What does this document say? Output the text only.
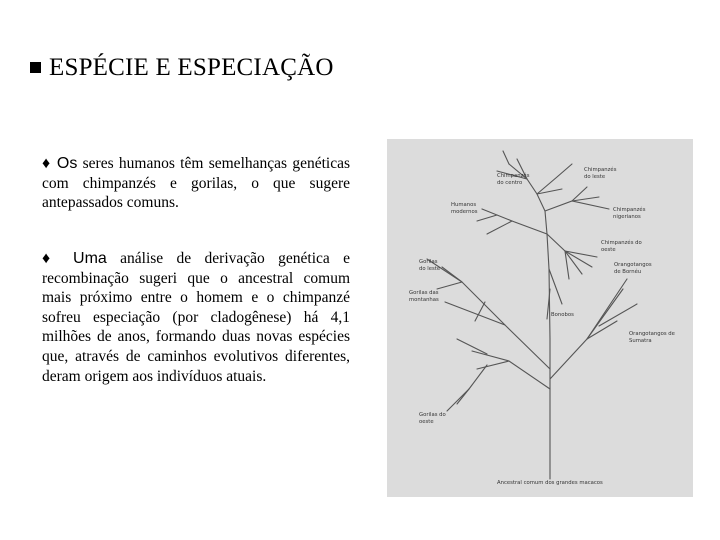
ESPÉCIE E ESPECIAÇÃO
♦ Os seres humanos têm semelhanças genéticas com chimpanzés e gorilas, o que sugere antepassados comuns.
♦ Uma análise de derivação genética e recombinação sugeri que o ancestral comum mais próximo entre o homem e o chimpanzé sofreu especiação (por cladogênese) há 4,1 milhões de anos, formando duas novas espécies que, através de caminhos evolutivos diferentes, deram origem aos indivíduos atuais.
Chimpanzés
do centro
Chimpanzés
do leste
Humanos
modernos	Chimpanzés
nigerianos
Chimpanzés do
oeste
Gorilas
do leste
Orangotangos
de Bornéu
Gorilas das
montanhas
Bonobos
Orangotangos de
Sumatra
Gorilas do
oeste
Ancestral comum dos grandes macacos
